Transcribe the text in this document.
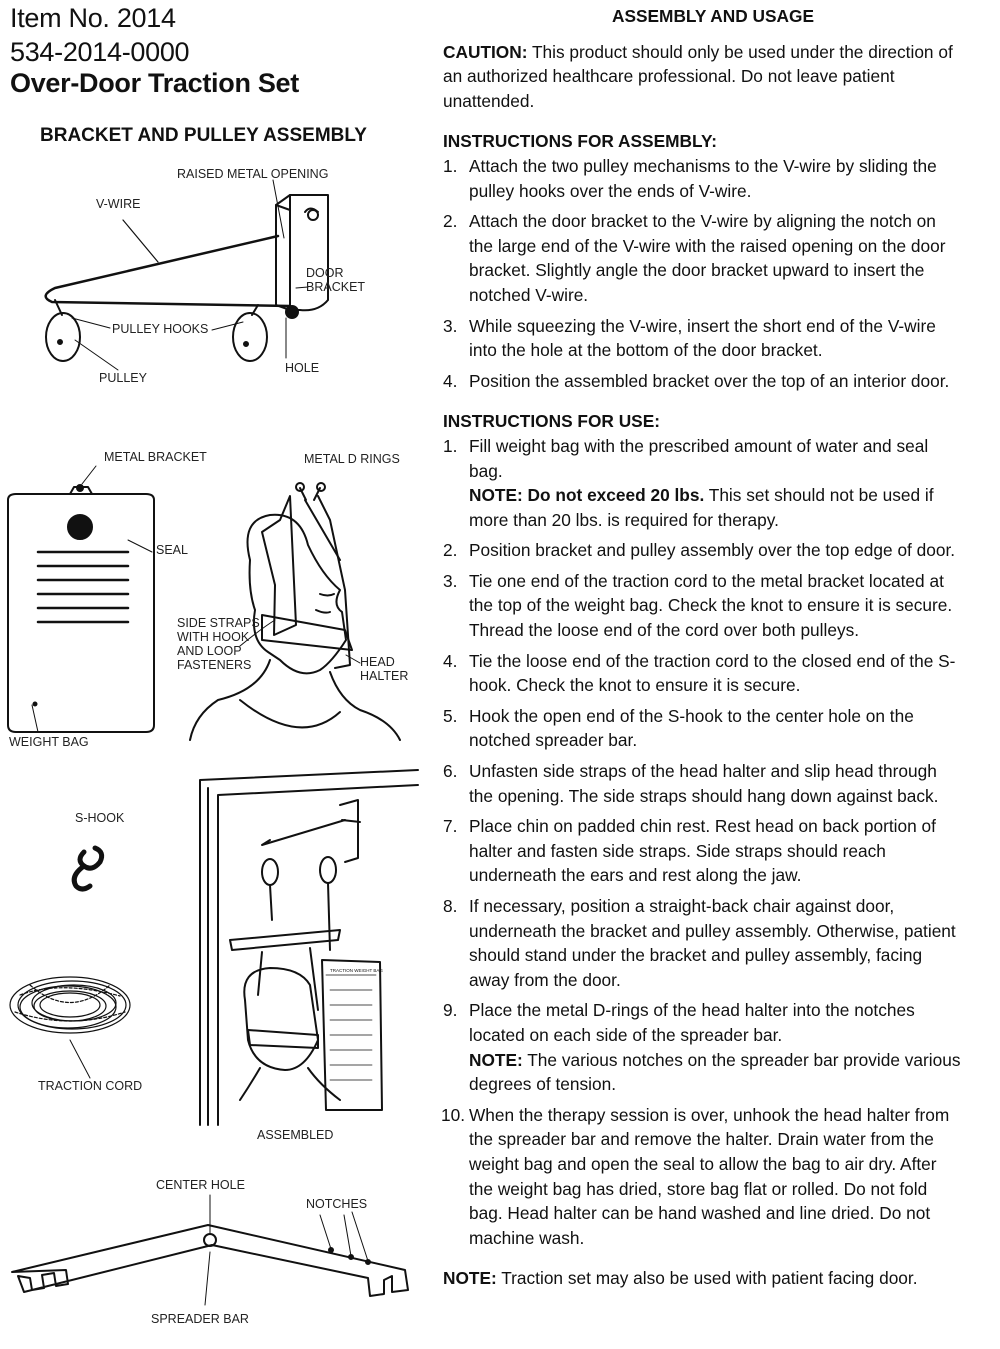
Item No. 2014
534-2014-0000
Over-Door Traction Set
BRACKET AND PULLEY ASSEMBLY
TRACTION WEIGHT BAG
RAISED METAL OPENING
V-WIRE
DOOR
BRACKET
PULLEY HOOKS
HOLE
PULLEY
METAL BRACKET	METAL D RINGS
SEAL
SIDE STRAPS
WITH HOOK
AND LOOP
FASTENERS	HEAD
HALTER
WEIGHT BAG
S-HOOK
TRACTION CORD
ASSEMBLED
CENTER HOLE
NOTCHES
SPREADER BAR
ASSEMBLY AND USAGE

CAUTION: This product should only be used under the direction of an authorized healthcare professional. Do not leave patient unattended.

INSTRUCTIONS FOR ASSEMBLY:
1. Attach the two pulley mechanisms to the V-wire by sliding the pulley hooks over the ends of V-wire.
2. Attach the door bracket to the V-wire by aligning the notch on the large end of the V-wire with the raised opening on the door bracket. Slightly angle the door bracket upward to insert the notched V-wire.
3. While squeezing the V-wire, insert the short end of the V-wire into the hole at the bottom of the door bracket.
4. Position the assembled bracket over the top of an interior door.
INSTRUCTIONS FOR USE:
1. Fill weight bag with the prescribed amount of water and seal bag.
NOTE: Do not exceed 20 lbs. This set should not be used if more than 20 lbs. is required for therapy.
2. Position bracket and pulley assembly over the top edge of door.
3. Tie one end of the traction cord to the metal bracket located at the top of the weight bag. Check the knot to ensure it is secure. Thread the loose end of the cord over both pulleys.
4. Tie the loose end of the traction cord to the closed end of the S-hook. Check the knot to ensure it is secure.
5. Hook the open end of the S-hook to the center hole on the notched spreader bar.
6. Unfasten side straps of the head halter and slip head through the opening. The side straps should hang down against back.
7. Place chin on padded chin rest. Rest head on back portion of halter and fasten side straps. Side straps should reach underneath the ears and rest along the jaw.
8. If necessary, position a straight-back chair against door, underneath the bracket and pulley assembly. Otherwise, patient should stand under the bracket and pulley assembly, facing away from the door.
9. Place the metal D-rings of the head halter into the notches located on each side of the spreader bar.
NOTE: The various notches on the spreader bar provide various degrees of tension.
10. When the therapy session is over, unhook the head halter from the spreader bar and remove the halter. Drain water from the weight bag and open the seal to allow the bag to air dry. After the weight bag has dried, store bag flat or rolled. Do not fold bag. Head halter can be hand washed and line dried. Do not machine wash.

NOTE: Traction set may also be used with patient facing door.
